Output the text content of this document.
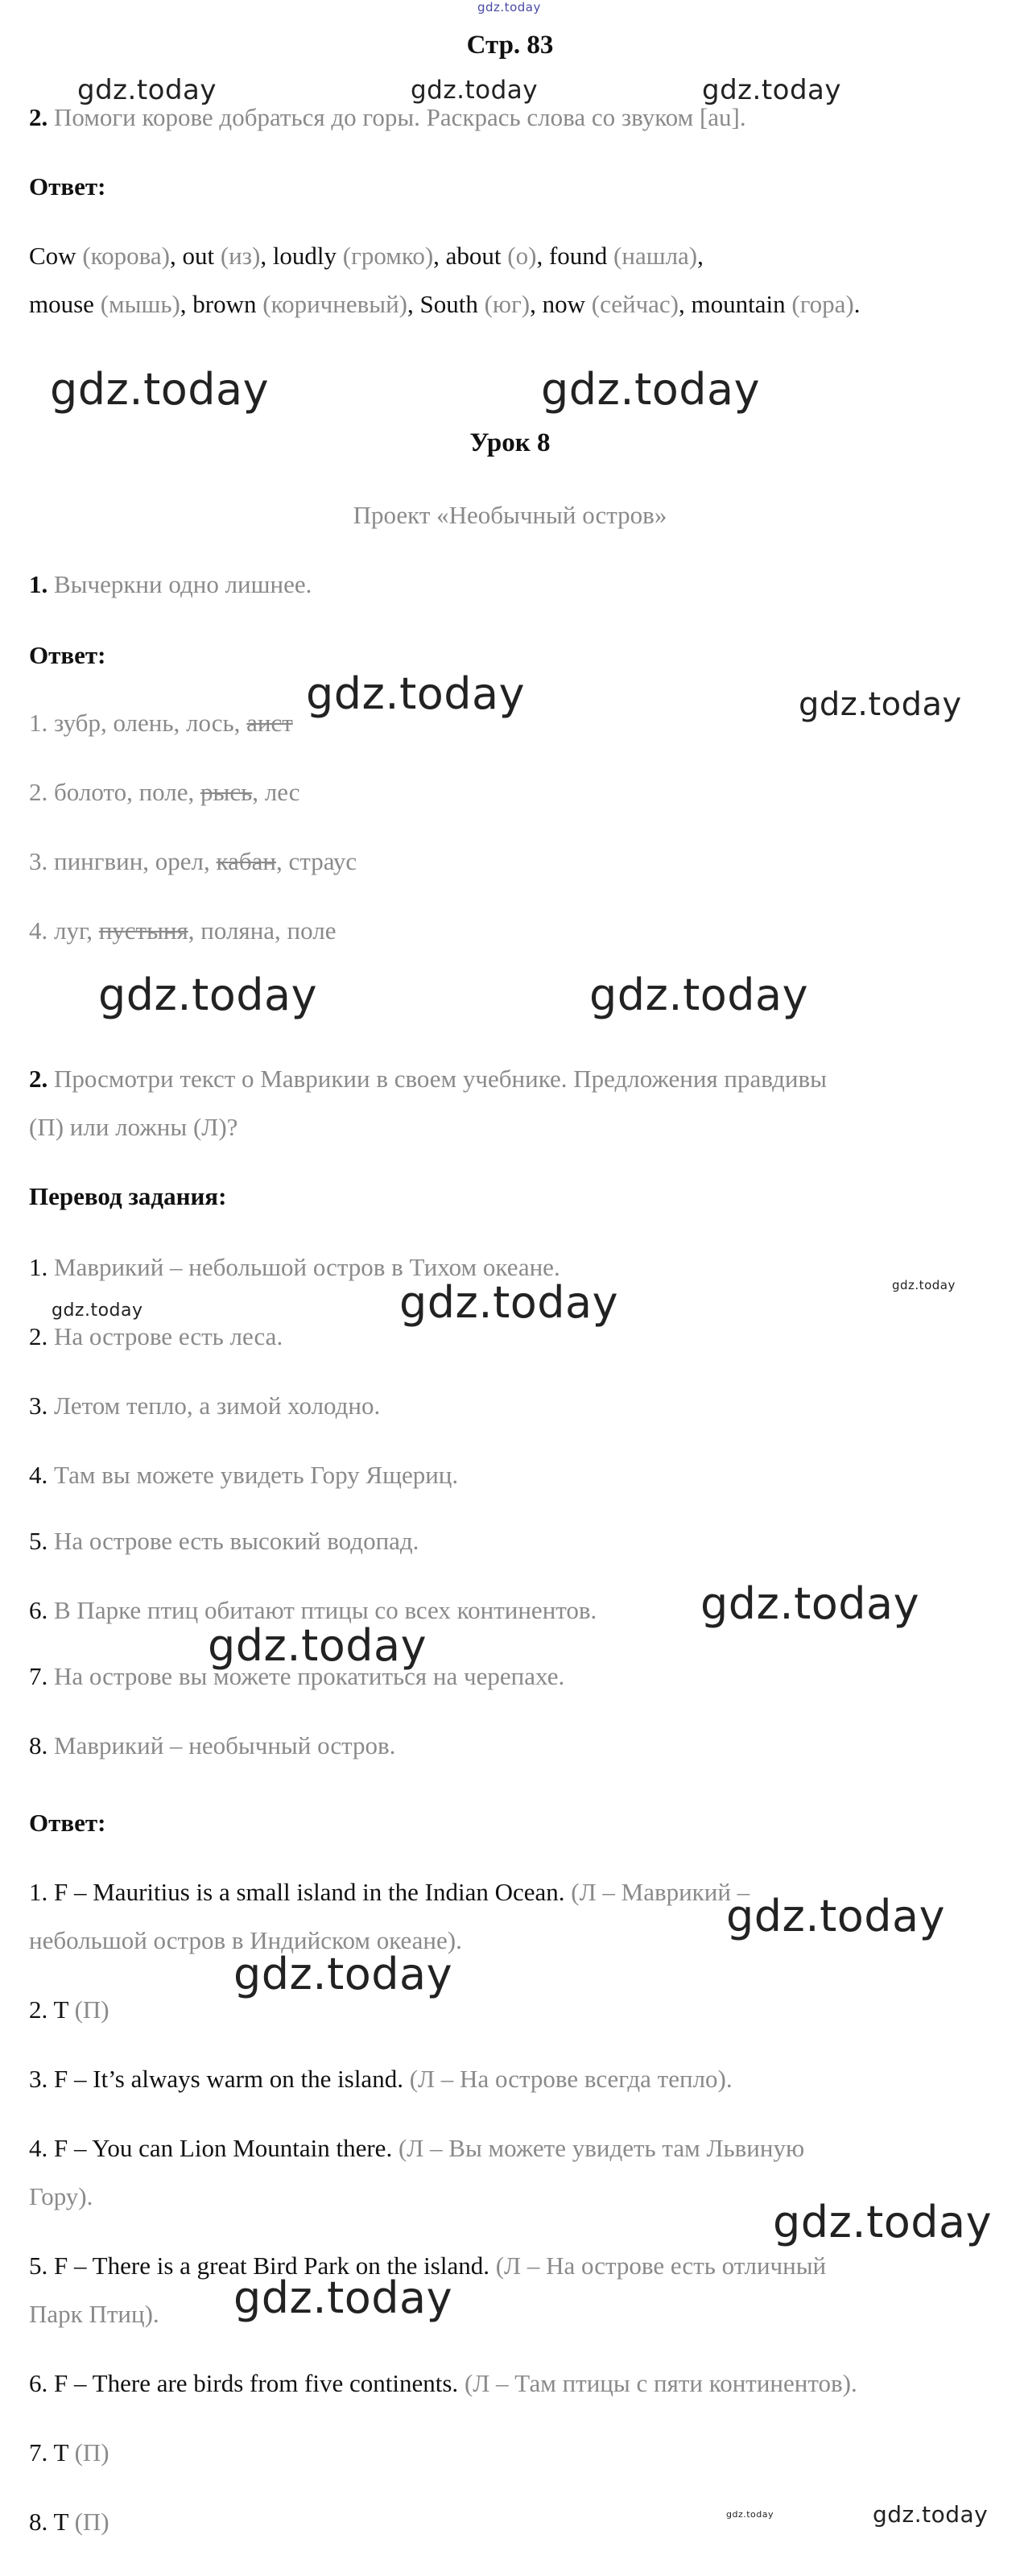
gdz.today
Стр. 83
gdz.today	gdz.today	gdz.today
2. Помоги корове добраться до горы. Раскрась слова со звуком [au].
Ответ:
Cow (корова), out (из), loudly (громко), about (о), found (нашла),
mouse (мышь), brown (коричневый), South (юг), now (сейчас), mountain (гора).
gdz.today	gdz.today
Урок 8
Проект «Необычный остров»
1. Вычеркни одно лишнее.
Ответ:
gdz.today	gdz.today
1. зубр, олень, лось, аист
2. болото, поле, рысь, лес
3. пингвин, орел, кабан, страус
4. луг, пустыня, поляна, поле
gdz.today	gdz.today
2. Просмотри текст о Маврикии в своем учебнике. Предложения правдивы
(П) или ложны (Л)?
Перевод задания:
1. Маврикий – небольшой остров в Тихом океане.
2. На острове есть леса.
3. Летом тепло, а зимой холодно.
4. Там вы можете увидеть Гору Ящериц.
5. На острове есть высокий водопад.
6. В Парке птиц обитают птицы со всех континентов.
7. На острове вы можете прокатиться на черепахе.
8. Маврикий – необычный остров.
gdz.today	gdz.today	gdz.today
gdz.today
gdz.today
Ответ:
1. F – Mauritius is a small island in the Indian Ocean. (Л – Маврикий –
небольшой остров в Индийском океане).
2. T (П)
3. F – It’s always warm on the island. (Л – На острове всегда тепло).
4. F – You can Lion Mountain there. (Л – Вы можете увидеть там Львиную
Гору).
5. F – There is a great Bird Park on the island. (Л – На острове есть отличный
Парк Птиц).
6. F – There are birds from five continents. (Л – Там птицы с пяти континентов).
7. T (П)
8. T (П)
gdz.today
gdz.today
gdz.today
gdz.today
gdz.today	gdz.today
